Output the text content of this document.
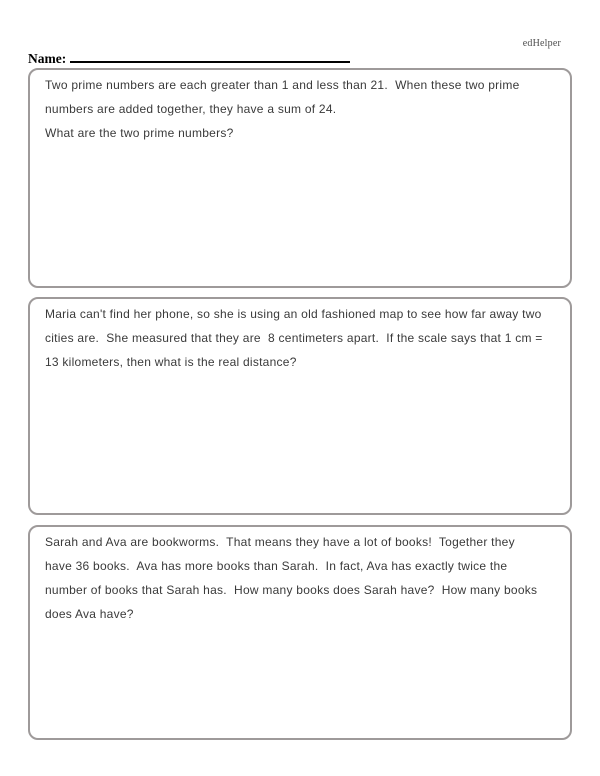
edHelper
Name:
Two prime numbers are each greater than 1 and less than 21.  When these two prime
numbers are added together, they have a sum of 24.
What are the two prime numbers?
Maria can't find her phone, so she is using an old fashioned map to see how far away two
cities are.  She measured that they are  8 centimeters apart.  If the scale says that 1 cm =
13 kilometers, then what is the real distance?
Sarah and Ava are bookworms.  That means they have a lot of books!  Together they
have 36 books.  Ava has more books than Sarah.  In fact, Ava has exactly twice the
number of books that Sarah has.  How many books does Sarah have?  How many books
does Ava have?
